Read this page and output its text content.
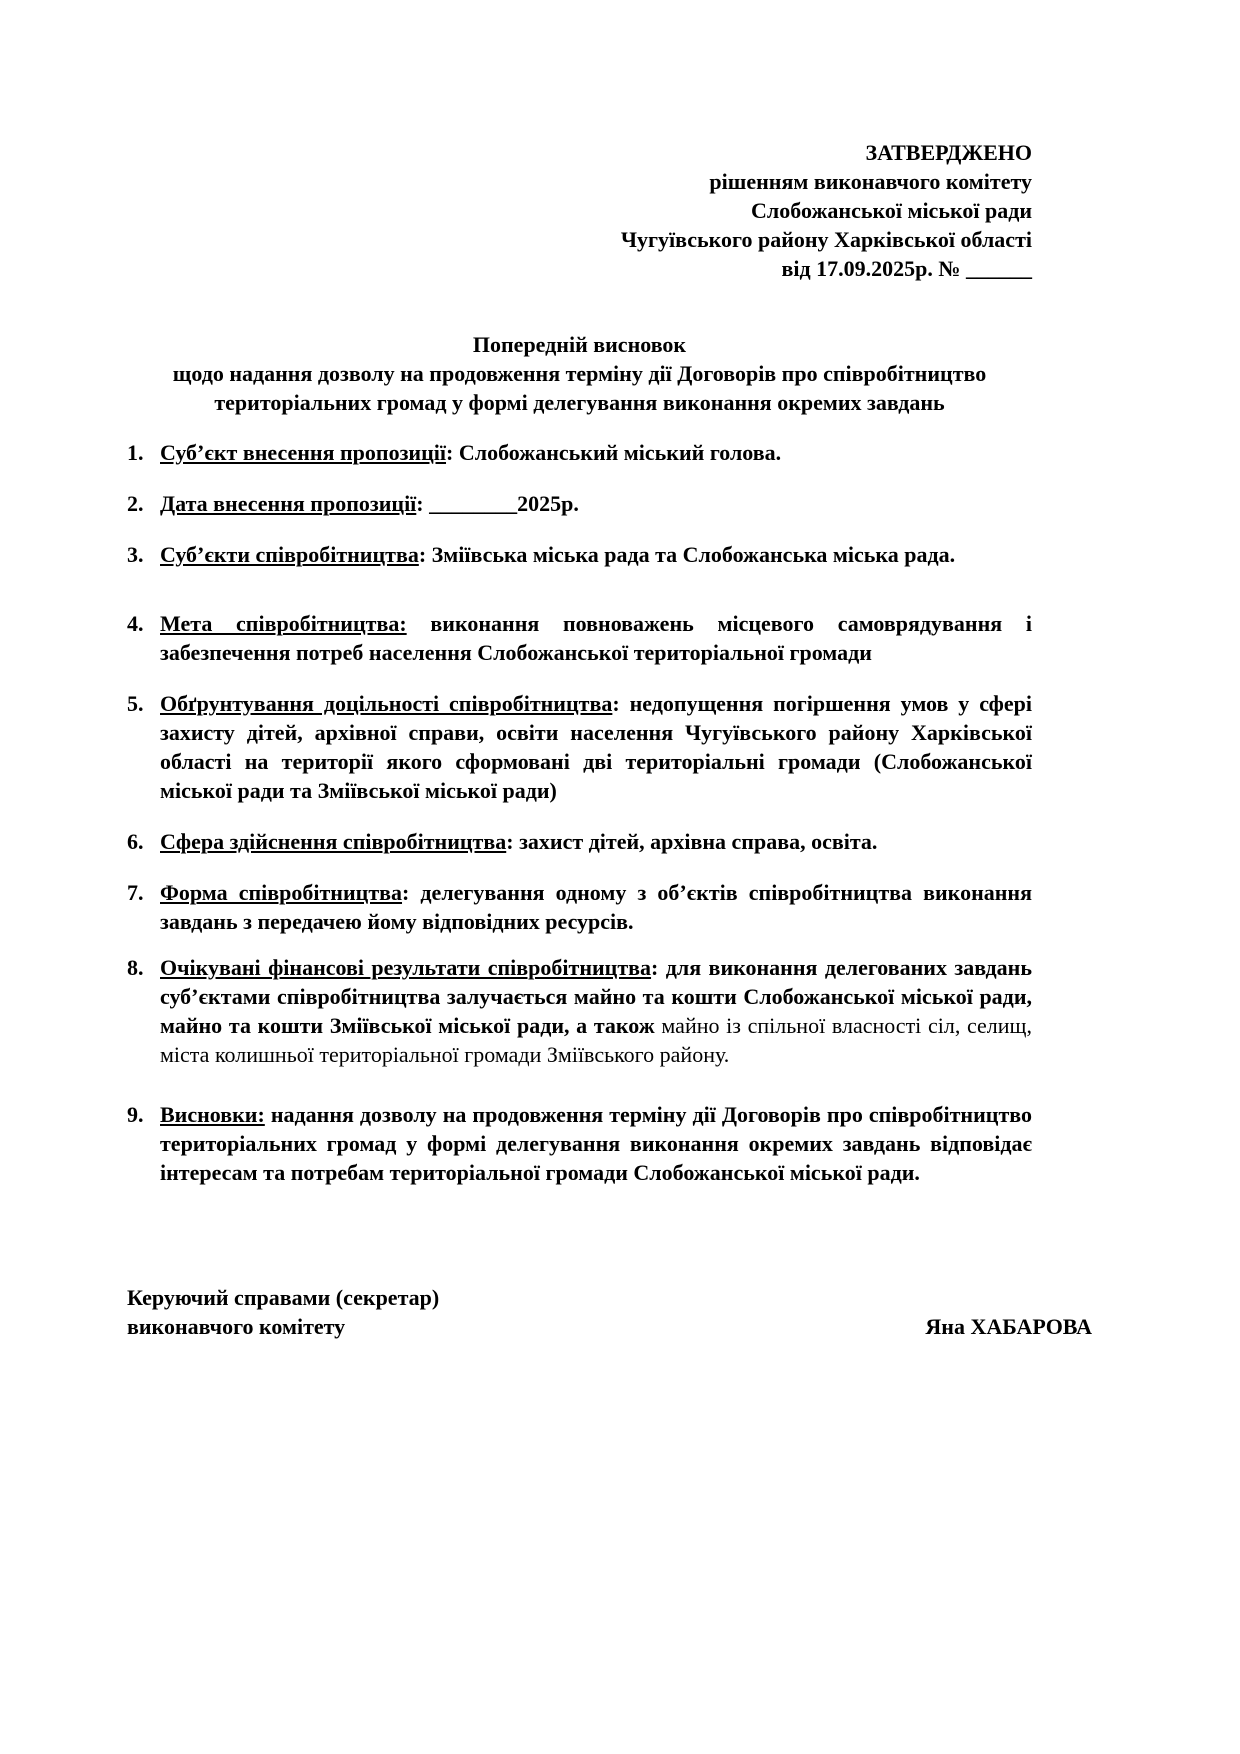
ЗАТВЕРДЖЕНО
рішенням виконавчого комітету
Слобожанської міської ради
Чугуївського району Харківської області
від 17.09.2025р. № ______
Попередній висновок
щодо надання дозволу на продовження терміну дії Договорів про співробітництво
територіальних громад у формі делегування виконання окремих завдань
1. Суб’єкт внесення пропозиції: Слобожанський міський голова.
2. Дата внесення пропозиції: ________2025р.
3. Суб’єкти співробітництва: Зміївська міська рада та Слобожанська міська рада.
4. Мета співробітництва: виконання повноважень місцевого самоврядування і забезпечення потреб населення Слобожанської територіальної громади
5. Обґрунтування доцільності співробітництва: недопущення погіршення умов у сфері захисту дітей, архівної справи, освіти населення Чугуївського району Харківської області на території якого сформовані дві територіальні громади (Слобожанської міської ради та Зміївської міської ради)
6. Сфера здійснення співробітництва: захист дітей, архівна справа, освіта.
7. Форма співробітництва: делегування одному з об’єктів співробітництва виконання завдань з передачею йому відповідних ресурсів.
8. Очікувані фінансові результати співробітництва: для виконання делегованих завдань суб’єктами співробітництва залучається майно та кошти Слобожанської міської ради, майно та кошти Зміївської міської ради, а також майно із спільної власності сіл, селищ, міста колишньої територіальної громади Зміївського району.
9. Висновки: надання дозволу на продовження терміну дії Договорів про співробітництво територіальних громад у формі делегування виконання окремих завдань відповідає інтересам та потребам територіальної громади Слобожанської міської ради.
Керуючий справами (секретар)
виконавчого комітету	Яна ХАБАРОВА
